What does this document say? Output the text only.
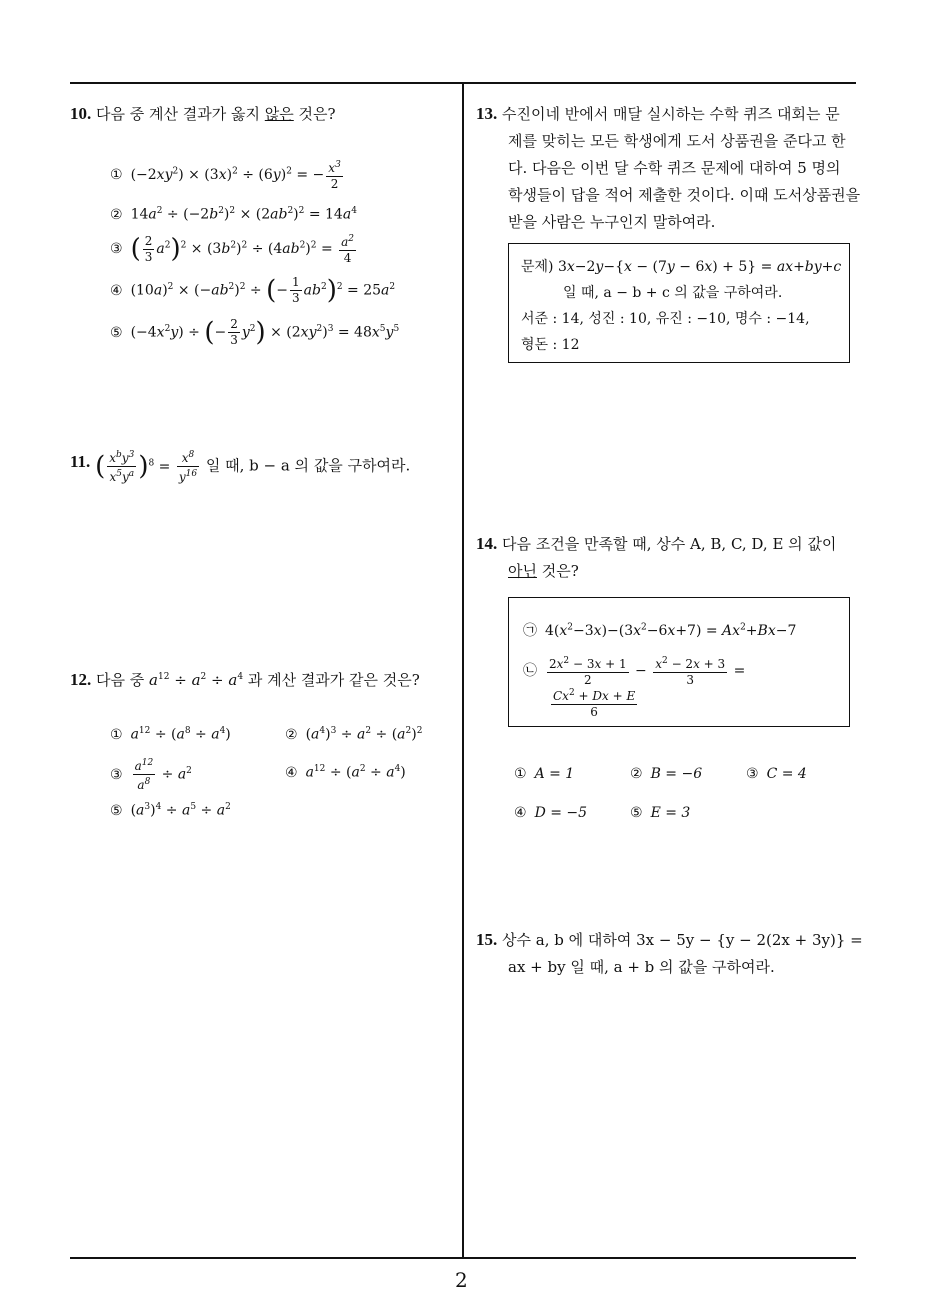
2
10. 다음 중 계산 결과가 옳지 않은 것은?
① $(-2xy^2) \times (3x)^2 \div (6y)^2$ = − $\frac{x^3}{2}$
② $14a^2 \div (-2b^2)^2 \times (2ab^2)^2 = 14a^4$
③ ( $\frac{2}{3} a^2)^2 \times (3b^2)^2 \div (4ab^2)^2 = \frac{a^2}{4}$
④ $(10a)^2 \times (-ab^2)^2$ ÷ (− $\frac{1}{3} ab^2)^2 = 25a^2$
⑤ $(-4x^2y)$ ÷ (− $\frac{2}{3} y^2) \times (2xy^2)^3 = 48x^5y^5$
11. ( $\frac{x^by^3}{x^5y^a} )^8 = \frac{x^8}{y^{16}}$ 일 때, b − a 의 값을 구하여라.
12. 다음 중 $a^{12} \div a^2 \div a^4$ 과 계산 결과가 같은 것은?
① $a^{12} \div (a^8 \div a^4)$	② $(a^4)^3 \div a^2 \div (a^2)^2$
③ $\frac{a^{12}}{a^8} \div a^2$	④ $a^{12} \div (a^2 \div a^4)$
⑤ $(a^3)^4 \div a^5 \div a^2$
13. 수진이네 반에서 매달 실시하는 수학 퀴즈 대회는 문
제를 맞히는 모든 학생에게 도서 상품권을 준다고 한
다. 다음은 이번 달 수학 퀴즈 문제에 대하여 5 명의
학생들이 답을 적어 제출한 것이다. 이때 도서상품권을
받을 사람은 누구인지 말하여라.
문제) 3x−2y−{x − (7y − 6x) + 5} = ax+by+c
일 때, a − b + c 의 값을 구하여라.
서준 : 14, 성진 : 10, 유진 : −10, 명수 : −14,
형돈 : 12
14. 다음 조건을 만족할 때, 상수 A, B, C, D, E 의 값이
아닌 것은?
㉠ $4(x^2-3x)-(3x^2-6x+7) = Ax^2+Bx-7$
㉡ $\frac{2x^2 - 3x + 1}{2} - \frac{x^2 - 2x + 3}{3}$ =
$\frac{Cx^2 + Dx + E}{6}$
① A = 1	② B = −6	③ C = 4
④ D = −5	⑤ E = 3
15. 상수 a, b 에 대하여 3x − 5y − {y − 2(2x + 3y)} =
ax + by 일 때, a + b 의 값을 구하여라.
